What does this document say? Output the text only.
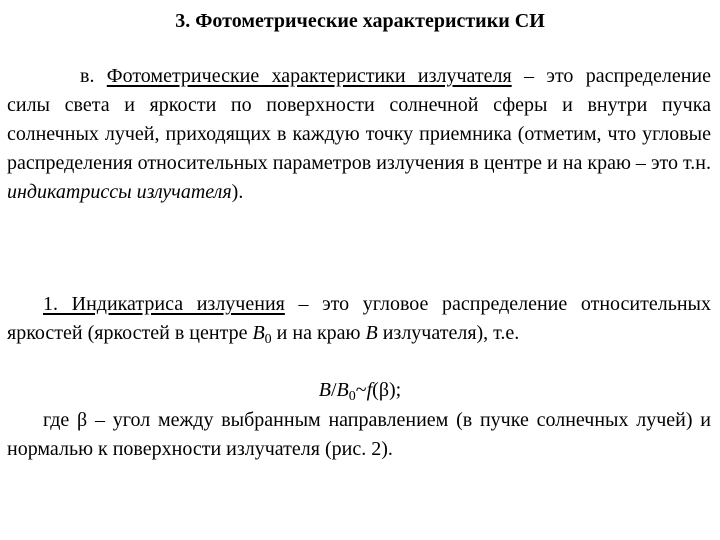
3. Фотометрические характеристики СИ
в. Фотометрические характеристики излучателя – это распределение силы света и яркости по поверхности солнечной сферы и внутри пучка солнечных лучей, приходящих в каждую точку приемника (отметим, что угловые распределения относительных параметров излучения в центре и на краю – это т.н. индикатриссы излучателя).
1. Индикатриса излучения – это угловое распределение относительных яркостей (яркостей в центре $B_0$ и на краю B излучателя), т.е.
$B/B_0\sim f(\beta)$;
где β – угол между выбранным направлением (в пучке солнечных лучей) и нормалью к поверхности излучателя (рис. 2).
